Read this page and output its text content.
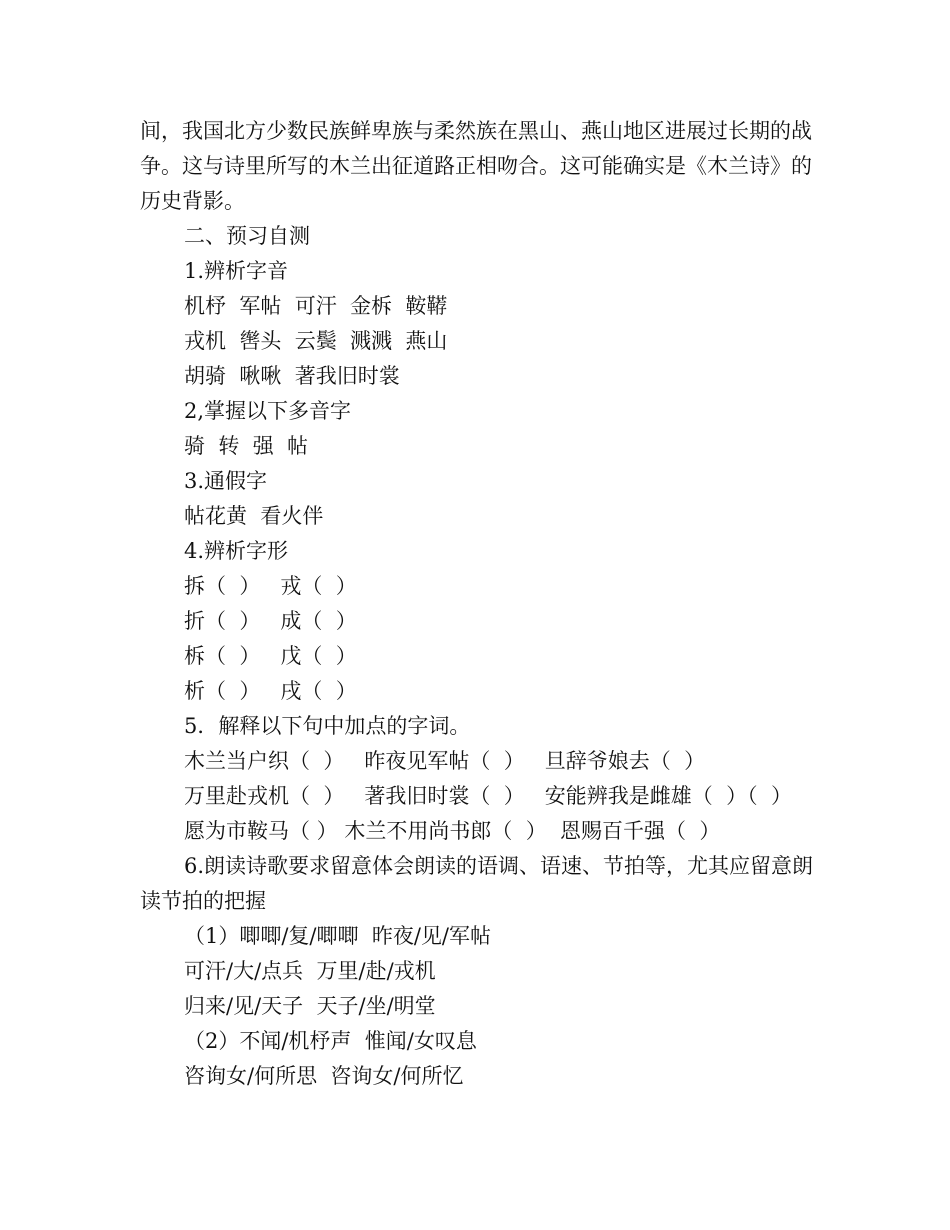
间，我国北方少数民族鲜卑族与柔然族在黑山、燕山地区进展过长期的战争。这与诗里所写的木兰出征道路正相吻合。这可能确实是《木兰诗》的历史背影。
二、预习自测
1.辨析字音
机杼  军帖  可汗  金柝  鞍鞯
戎机  辔头  云鬓  溅溅  燕山
胡骑  啾啾  著我旧时裳
2,掌握以下多音字
骑  转  强  帖
3.通假字
帖花黄  看火伴
4.辨析字形
拆（  ）   戎（  ）
折（  ）   成（  ）
柝（  ）   戊（  ）
析（  ）   戌（  ）
5．解释以下句中加点的字词。
木兰当户织（  ）   昨夜见军帖（  ）   旦辞爷娘去（  ）
万里赴戎机（  ）   著我旧时裳（  ）   安能辨我是雌雄（  ）（  ）
愿为市鞍马（ ） 木兰不用尚书郎（  ）  恩赐百千强（  ）
6.朗读诗歌要求留意体会朗读的语调、语速、节拍等，尤其应留意朗读节拍的把握
（1）唧唧/复/唧唧  昨夜/见/军帖
可汗/大/点兵  万里/赴/戎机
归来/见/天子  天子/坐/明堂
（2）不闻/机杼声  惟闻/女叹息
咨询女/何所思  咨询女/何所忆
